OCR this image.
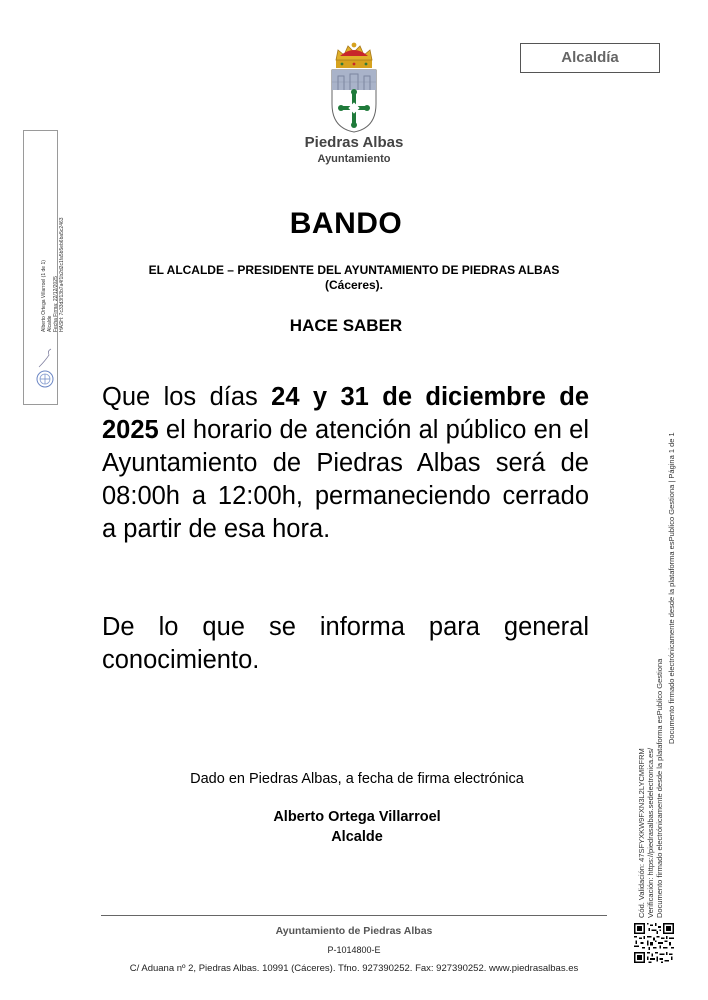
Alberto Ortega Villarroel (1 de 1) Alcalde Fecha Firma: 22/12/2025 HASH: 7c33d3f13b7a4f1b2d2c1fa5b5eb6ba5c2463
Alcaldía
Piedras Albas
Ayuntamiento
BANDO
EL ALCALDE – PRESIDENTE DEL AYUNTAMIENTO DE PIEDRAS ALBAS
(Cáceres).
HACE SABER
Que los días 24 y 31 de diciembre de 2025 el horario de atención al público en el Ayuntamiento de Piedras Albas será de 08:00h a 12:00h, permaneciendo cerrado a partir de esa hora.
De lo que se informa para general conocimiento.
Dado en Piedras Albas, a fecha de firma electrónica
Alberto Ortega Villarroel
Alcalde
Ayuntamiento de Piedras Albas
P-1014800-E
C/ Aduana nº 2, Piedras Albas. 10991 (Cáceres). Tfno. 927390252. Fax: 927390252. www.piedrasalbas.es
Cód. Validación: 47SFYXKW9FXN3L2LYCMRFRM Verificación: https://piedrasalbas.sedelectronica.es/ Documento firmado electrónicamente desde la plataforma esPublico Gestiona
Documento firmado electrónicamente desde la plataforma esPublico Gestiona | Página 1 de 1
